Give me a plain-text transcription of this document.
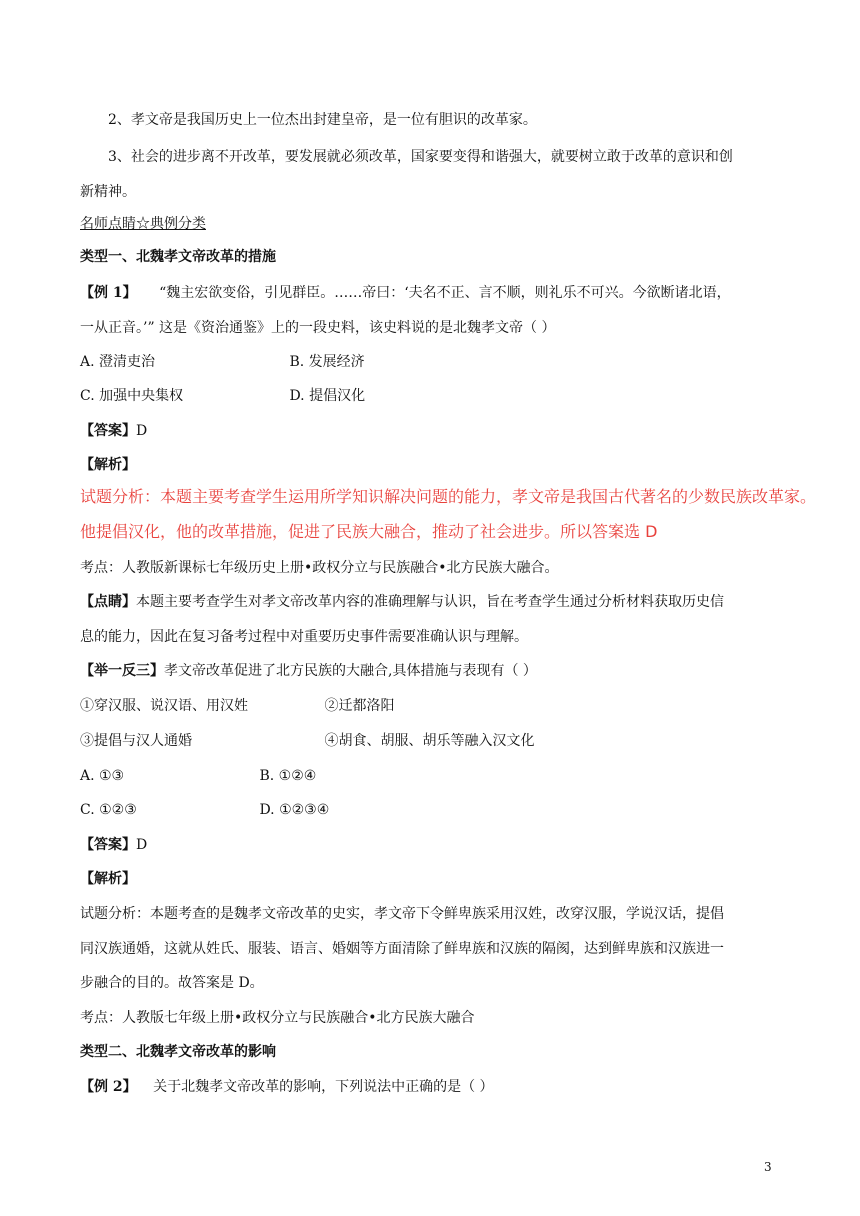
2、孝文帝是我国历史上一位杰出封建皇帝，是一位有胆识的改革家。
3、社会的进步离不开改革，要发展就必须改革，国家要变得和谐强大，就要树立敢于改革的意识和创
新精神。
名师点睛☆典例分类
类型一、北魏孝文帝改革的措施
【例 1】 “魏主宏欲变俗，引见群臣。……帝曰：‘夫名不正、言不顺，则礼乐不可兴。今欲断诸北语，
一从正音。’” 这是《资治通鉴》上的一段史料，该史料说的是北魏孝文帝（ ）
A. 澄清吏治	B. 发展经济
C. 加强中央集权	D. 提倡汉化
【答案】D
【解析】
试题分析：本题主要考查学生运用所学知识解决问题的能力，孝文帝是我国古代著名的少数民族改革家。
他提倡汉化，他的改革措施，促进了民族大融合，推动了社会进步。所以答案选 D
考点：人教版新课标七年级历史上册•政权分立与民族融合•北方民族大融合。
【点睛】本题主要考查学生对孝文帝改革内容的准确理解与认识，旨在考查学生通过分析材料获取历史信
息的能力，因此在复习备考过程中对重要历史事件需要准确认识与理解。
【举一反三】孝文帝改革促进了北方民族的大融合,具体措施与表现有（ ）
①穿汉服、说汉语、用汉姓	②迁都洛阳
③提倡与汉人通婚	④胡食、胡服、胡乐等融入汉文化
A. ①③	B. ①②④
C. ①②③	D. ①②③④
【答案】D
【解析】
试题分析：本题考查的是魏孝文帝改革的史实，孝文帝下令鲜卑族采用汉姓，改穿汉服，学说汉话，提倡
同汉族通婚，这就从姓氏、服装、语言、婚姻等方面清除了鲜卑族和汉族的隔阂，达到鲜卑族和汉族进一
步融合的目的。故答案是 D。
考点：人教版七年级上册•政权分立与民族融合•北方民族大融合
类型二、北魏孝文帝改革的影响
【例 2】 关于北魏孝文帝改革的影响，下列说法中正确的是（ ）
3
